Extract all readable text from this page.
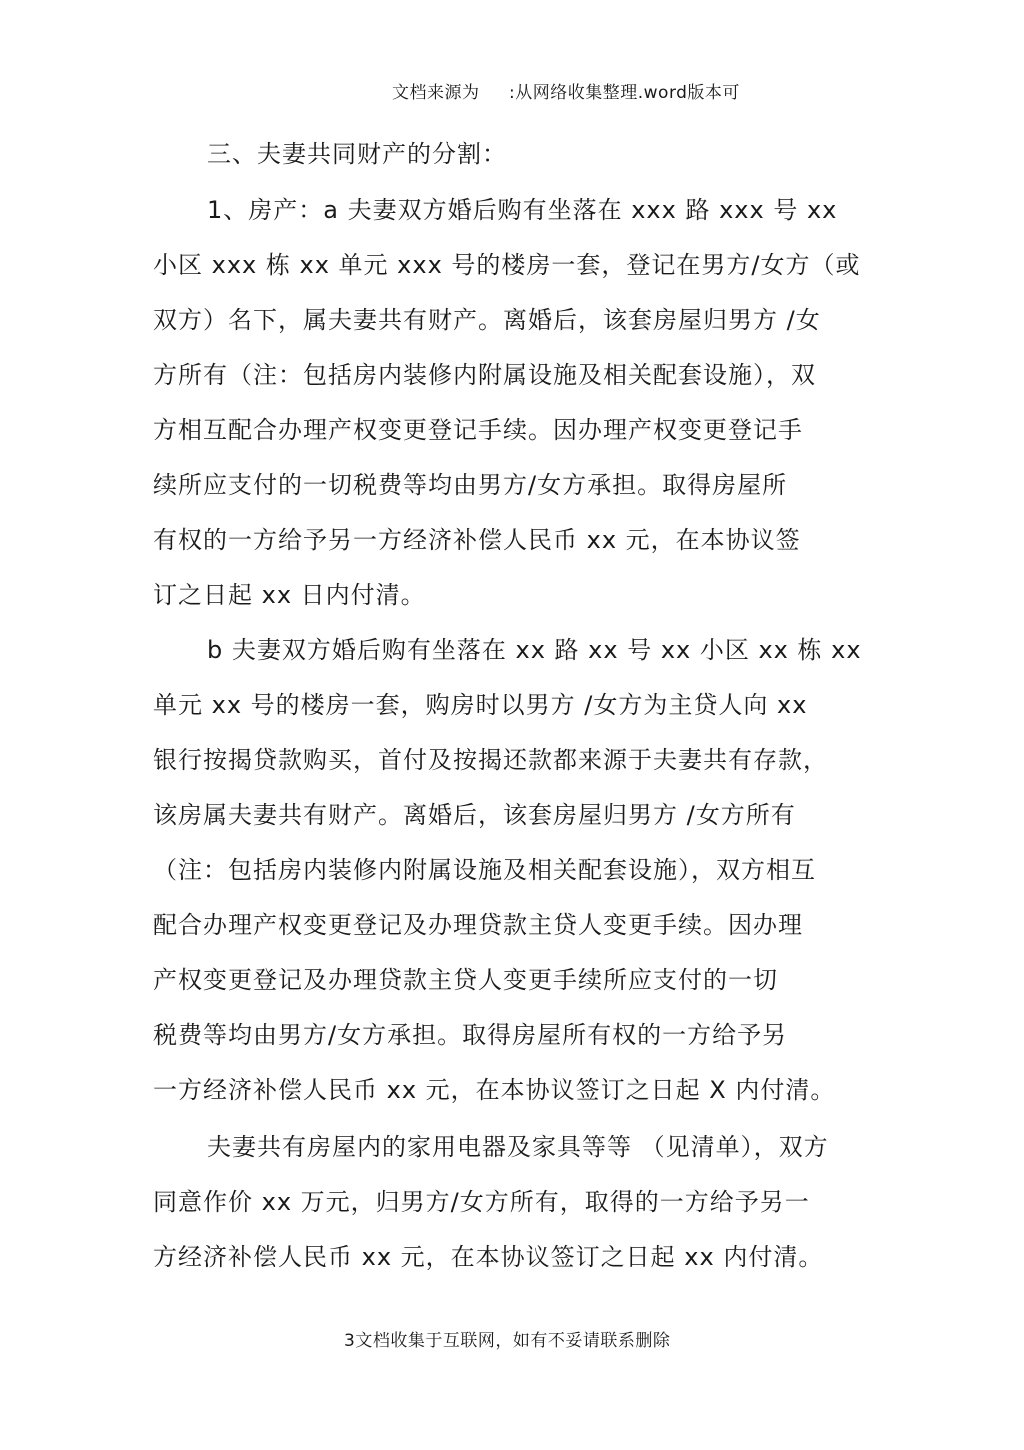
文档来源为     :从网络收集整理.word版本可
三、夫妻共同财产的分割：
1、房产：a 夫妻双方婚后购有坐落在 xxx 路 xxx 号 xx
小区 xxx 栋 xx 单元 xxx 号的楼房一套，登记在男方/女方（或
双方）名下，属夫妻共有财产。离婚后，该套房屋归男方 /女
方所有（注：包括房内装修内附属设施及相关配套设施），双
方相互配合办理产权变更登记手续。因办理产权变更登记手
续所应支付的一切税费等均由男方/女方承担。取得房屋所
有权的一方给予另一方经济补偿人民币 xx 元，在本协议签
订之日起 xx 日内付清。
b 夫妻双方婚后购有坐落在 xx 路 xx 号 xx 小区 xx 栋 xx
单元 xx 号的楼房一套，购房时以男方 /女方为主贷人向 xx
银行按揭贷款购买，首付及按揭还款都来源于夫妻共有存款，
该房属夫妻共有财产。离婚后，该套房屋归男方 /女方所有
（注：包括房内装修内附属设施及相关配套设施），双方相互
配合办理产权变更登记及办理贷款主贷人变更手续。因办理
产权变更登记及办理贷款主贷人变更手续所应支付的一切
税费等均由男方/女方承担。取得房屋所有权的一方给予另
一方经济补偿人民币 xx 元，在本协议签订之日起 X 内付清。
夫妻共有房屋内的家用电器及家具等等 （见清单），双方
同意作价 xx 万元，归男方/女方所有，取得的一方给予另一
方经济补偿人民币 xx 元，在本协议签订之日起 xx 内付清。
3文档收集于互联网，如有不妥请联系删除
